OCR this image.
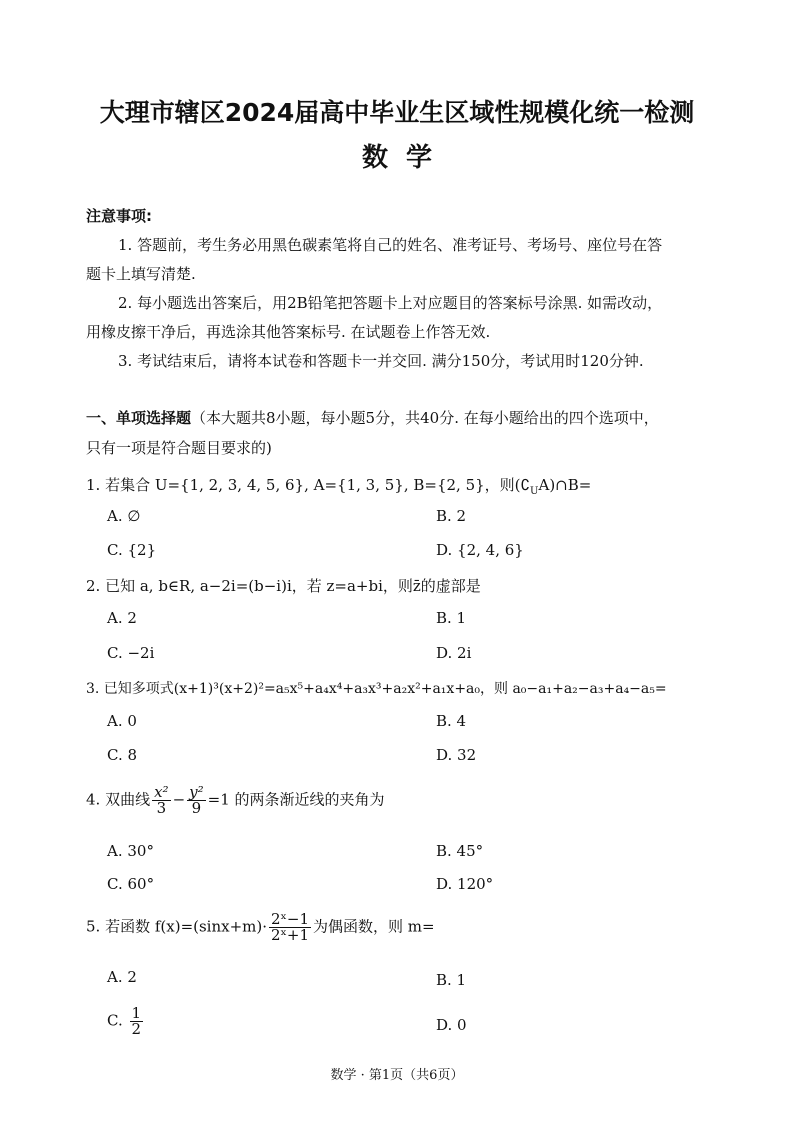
大理市辖区2024届高中毕业生区域性规模化统一检测
数学
注意事项:
1. 答题前，考生务必用黑色碳素笔将自己的姓名、准考证号、考场号、座位号在答
题卡上填写清楚.
2. 每小题选出答案后，用2B铅笔把答题卡上对应题目的答案标号涂黑. 如需改动，
用橡皮擦干净后，再选涂其他答案标号. 在试题卷上作答无效.
3. 考试结束后，请将本试卷和答题卡一并交回. 满分150分，考试用时120分钟.
一、单项选择题（本大题共8小题，每小题5分，共40分. 在每小题给出的四个选项中，
只有一项是符合题目要求的)
1. 若集合 U={1, 2, 3, 4, 5, 6}, A={1, 3, 5}, B={2, 5}，则$(∁_UA)\cap B=$
A. ∅	B. 2
C. {2}	D. {2, 4, 6}
2. 已知 a, b∈R, a−2i=(b−i)i，若 z=a+bi，则z̄的虚部是
A. 2	B. 1
C. −2i	D. 2i
3. 已知多项式(x+1)³(x+2)²=a₅x⁵+a₄x⁴+a₃x³+a₂x²+a₁x+a₀，则 a₀−a₁+a₂−a₃+a₄−a₅=
A. 0	B. 4
C. 8	D. 32
4. 双曲线 $\frac{\text{x²}}{3} - \frac{\text{y²}}{9} =1$ 的两条渐近线的夹角为
A. 30°	B. 45°
C. 60°	D. 120°
5. 若函数 $f(x)=(\sin x+m)\cdot \frac{\text{2ˣ−1}}{\text{2ˣ+1}}$ 为偶函数，则 m=
A. 2	B. 1
C. $\frac{1}{2}$	D. 0
数学 · 第1页（共6页）
